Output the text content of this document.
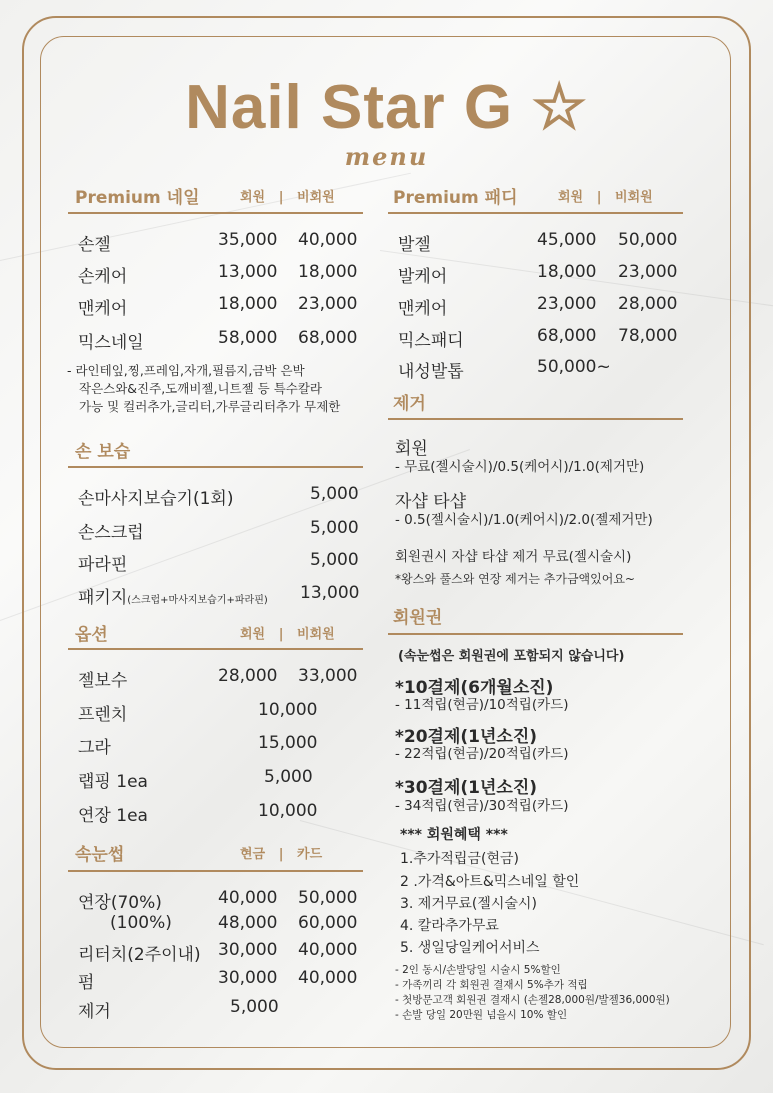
Nail Star G ☆
menu
Premium 네일	회원 | 비회원
손젤	35,000 40,000
손케어	13,000 18,000
맨케어	18,000 23,000
믹스네일	58,000 68,000
- 라인테잎,찡,프레임,자개,필름지,금박 은박
작은스와&진주,도깨비젤,니트젤 등 특수칼라
가능 및 컬러추가,글리터,가루글리터추가 무제한
손 보습
손마사지보습기(1회)	5,000
손스크럽	5,000
파라핀	5,000
패키지(스크럽+마사지보습기+파라핀) 13,000
옵션	회원 | 비회원
젤보수	28,000 33,000
프렌치	10,000
그라	15,000
랩핑 1ea	5,000
연장 1ea	10,000
속눈썹	현금 | 카드
연장(70%)	40,000 50,000
(100%)	48,000 60,000
리터치(2주이내) 30,000 40,000
펌	30,000 40,000
제거	5,000
Premium 패디	회원 | 비회원
발젤	45,000 50,000
발케어	18,000 23,000
맨케어	23,000 28,000
믹스패디	68,000 78,000
내성발톱	50,000~
제거
회원
- 무료(젤시술시)/0.5(케어시)/1.0(제거만)
자샵 타샵
- 0.5(젤시술시)/1.0(케어시)/2.0(젤제거만)
회원권시 자샵 타샵 제거 무료(젤시술시)
*왕스와 풀스와 연장 제거는 추가금액있어요~
회원권
(속눈썹은 회원권에 포함되지 않습니다)
*10결제(6개월소진)
- 11적립(현금)/10적립(카드)
*20결제(1년소진)
- 22적립(현금)/20적립(카드)
*30결제(1년소진)
- 34적립(현금)/30적립(카드)
*** 회원혜택 ***
1.추가적립금(현금)
2 .가격&아트&믹스네일 할인
3. 제거무료(젤시술시)
4. 칼라추가무료
5. 생일당일케어서비스
- 2인 동시/손발당일 시술시 5%할인
- 가족끼리 각 회원권 결재시 5%추가 적립
- 첫방문고객 회원권 결재시 (손젤28,000원/발젤36,000원)
- 손발 당일 20만원 넘을시 10% 할인
